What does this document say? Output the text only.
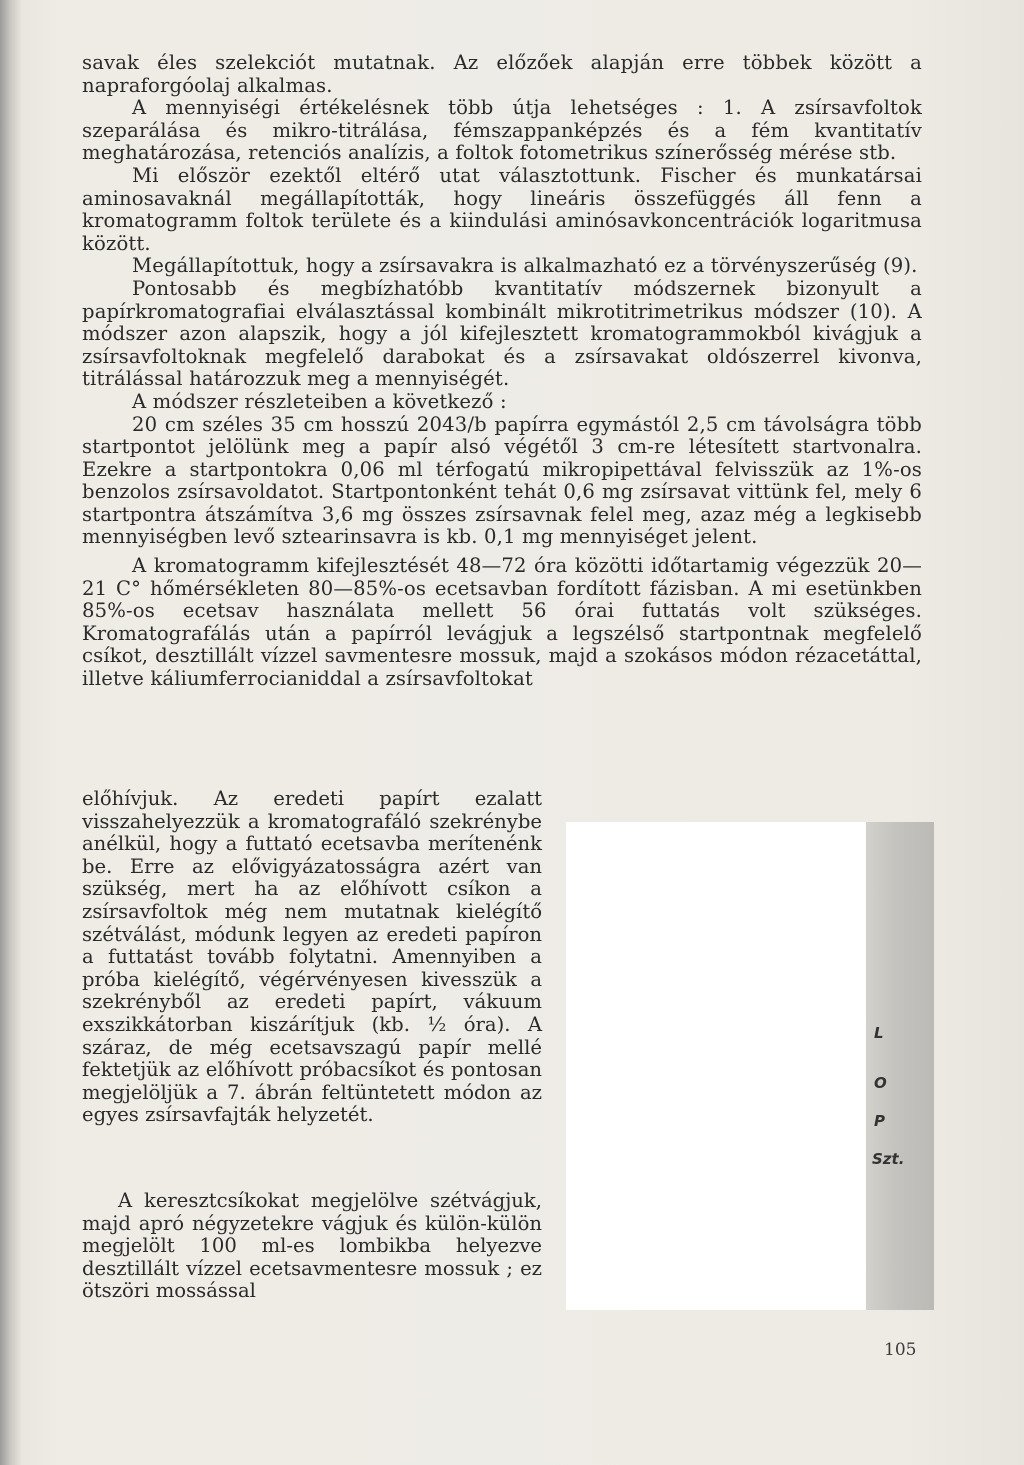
savak éles szelekciót mutatnak. Az előzőek alapján erre többek között a napraforgóolaj alkalmas.

A mennyiségi értékelésnek több útja lehetséges : 1. A zsírsavfoltok szeparálása és mikro-titrálása, fémszappanképzés és a fém kvantitatív meghatározása, retenciós analízis, a foltok fotometrikus színerősség mérése stb.

Mi először ezektől eltérő utat választottunk. Fischer és munkatársai aminosavaknál megállapították, hogy lineáris összefüggés áll fenn a kromatogramm foltok területe és a kiindulási aminósavkoncentrációk logaritmusa között.

Megállapítottuk, hogy a zsírsavakra is alkalmazható ez a törvényszerűség (9).

Pontosabb és megbízhatóbb kvantitatív módszernek bizonyult a papírkromatografiai elválasztással kombinált mikrotitrimetrikus módszer (10). A módszer azon alapszik, hogy a jól kifejlesztett kromatogrammokból kivágjuk a zsírsavfoltoknak megfelelő darabokat és a zsírsavakat oldószerrel kivonva, titrálással határozzuk meg a mennyiségét.

A módszer részleteiben a következő :

20 cm széles 35 cm hosszú 2043/b papírra egymástól 2,5 cm távolságra több startpontot jelölünk meg a papír alsó végétől 3 cm-re létesített startvonalra. Ezekre a startpontokra 0,06 ml térfogatú mikropipettával felvisszük az 1%-os benzolos zsírsavoldatot. Startpontonként tehát 0,6 mg zsírsavat vittünk fel, mely 6 startpontra átszámítva 3,6 mg összes zsírsavnak felel meg, azaz még a legkisebb mennyiségben levő sztearinsavra is kb. 0,1 mg mennyiséget jelent.

A kromatogramm kifejlesztését 48—72 óra közötti időtartamig végezzük 20—21 C° hőmérsékleten 80—85%-os ecetsavban fordított fázisban. A mi esetünkben 85%-os ecetsav használata mellett 56 órai futtatás volt szükséges. Kromatografálás után a papírról levágjuk a legszélső startpontnak megfelelő csíkot, desztillált vízzel savmentesre mossuk, majd a szokásos módon rézacetáttal, illetve káliumferrocianiddal a zsírsavfoltokat

előhívjuk. Az eredeti papírt ezalatt visszahelyezzük a kromatografáló szekrénybe anélkül, hogy a futtató ecetsavba merítenénk be. Erre az elővigyázatosságra azért van szükség, mert ha az előhívott csíkon a zsírsavfoltok még nem mutatnak kielégítő szétválást, módunk legyen az eredeti papíron a futtatást tovább folytatni. Amennyiben a próba kielégítő, végérvényesen kivesszük a szekrényből az eredeti papírt, vákuum exszikkátorban kiszárítjuk (kb. ½ óra). A száraz, de még ecetsavszagú papír mellé fektetjük az előhívott próbacsíkot és pontosan megjelöljük a 7. ábrán feltüntetett módon az egyes zsírsavfajták helyzetét.

A keresztcsíkokat megjelölve szétvágjuk, majd apró négyzetekre vágjuk és külön-külön megjelölt 100 ml-es lombikba helyezve desztillált vízzel ecetsavmentesre mossuk ; ez ötszöri mossással

L
O
P
Szt.
105
